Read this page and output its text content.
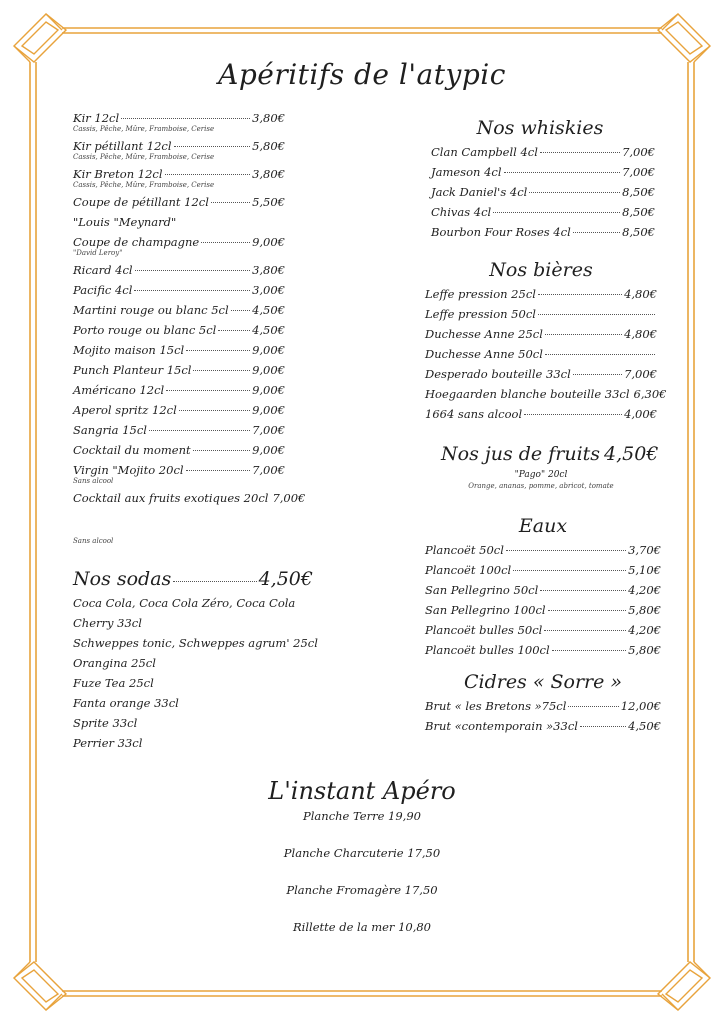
Apéritifs de l'atypic
Kir 12cl	3,80€
Cassis, Pêche, Mûre, Framboise, Cerise
Kir pétillant 12cl	5,80€
Cassis, Pêche, Mûre, Framboise, Cerise
Kir Breton 12cl	3,80€
Cassis, Pêche, Mûre, Framboise, Cerise
Coupe de pétillant 12cl	5,50€
"Louis "Meynard"
Coupe de champagne	9,00€
"David Leroy"
Ricard 4cl	3,80€
Pacific 4cl	3,00€
Martini rouge ou blanc 5cl 4,50€
Porto rouge ou blanc 5cl	4,50€
Mojito maison 15cl	9,00€
Punch Planteur 15cl	9,00€
Américano 12cl	9,00€
Aperol spritz 12cl	9,00€
Sangria 15cl	7,00€
Cocktail du moment	9,00€
Virgin "Mojito 20cl	7,00€
Sans alcool
Cocktail aux fruits exotiques 20cl 7,00€
Sans alcool
Nos sodas	4,50€
Coca Cola, Coca Cola Zéro, Coca Cola
Cherry 33cl
Schweppes tonic, Schweppes agrum' 25cl
Orangina 25cl
Fuze Tea 25cl
Fanta orange 33cl
Sprite 33cl
Perrier 33cl
Nos whiskies
Clan Campbell 4cl	7,00€
Jameson 4cl	7,00€
Jack Daniel's 4cl	8,50€
Chivas 4cl	8,50€
Bourbon Four Roses 4cl	8,50€
Nos bières
Leffe pression 25cl	4,80€
Leffe pression 50cl
Duchesse Anne 25cl	4,80€
Duchesse Anne 50cl
Desperado bouteille 33cl	7,00€
Hoegaarden blanche bouteille 33cl 6,30€
1664 sans alcool	4,00€
Nos jus de fruits 4,50€
"Pago" 20cl
Orange, ananas, pomme, abricot, tomate
Eaux
Plancoët 50cl	3,70€
Plancoët 100cl	5,10€
San Pellegrino 50cl	4,20€
San Pellegrino 100cl	5,80€
Plancoët bulles 50cl	4,20€
Plancoët bulles 100cl	5,80€
Cidres « Sorre »
Brut « les Bretons »75cl	12,00€
Brut «contemporain »33cl	4,50€
L'instant Apéro
Planche Terre 19,90
Planche Charcuterie 17,50
Planche Fromagère 17,50
Rillette de la mer 10,80
